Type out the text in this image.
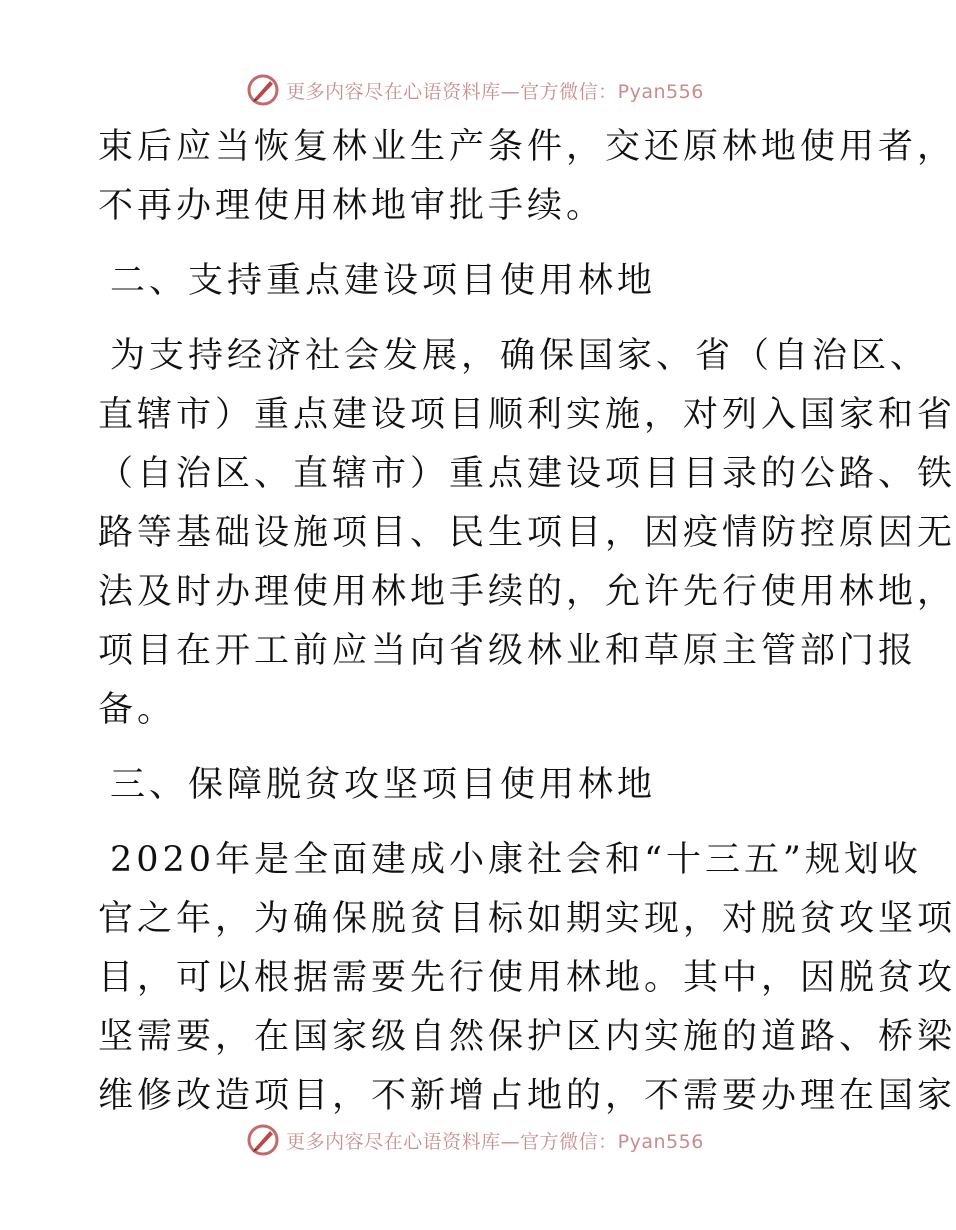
更多内容尽在心语资料库—官方微信：Pyan556
束后应当恢复林业生产条件，交还原林地使用者，
不再办理使用林地审批手续。
二、支持重点建设项目使用林地
为支持经济社会发展，确保国家、省（自治区、
直辖市）重点建设项目顺利实施，对列入国家和省
（自治区、直辖市）重点建设项目目录的公路、铁
路等基础设施项目、民生项目，因疫情防控原因无
法及时办理使用林地手续的，允许先行使用林地，
项目在开工前应当向省级林业和草原主管部门报
备。
三、保障脱贫攻坚项目使用林地
2020年是全面建成小康社会和“十三五”规划收
官之年，为确保脱贫目标如期实现，对脱贫攻坚项
目，可以根据需要先行使用林地。其中，因脱贫攻
坚需要，在国家级自然保护区内实施的道路、桥梁
维修改造项目，不新增占地的，不需要办理在国家
更多内容尽在心语资料库—官方微信：Pyan556
